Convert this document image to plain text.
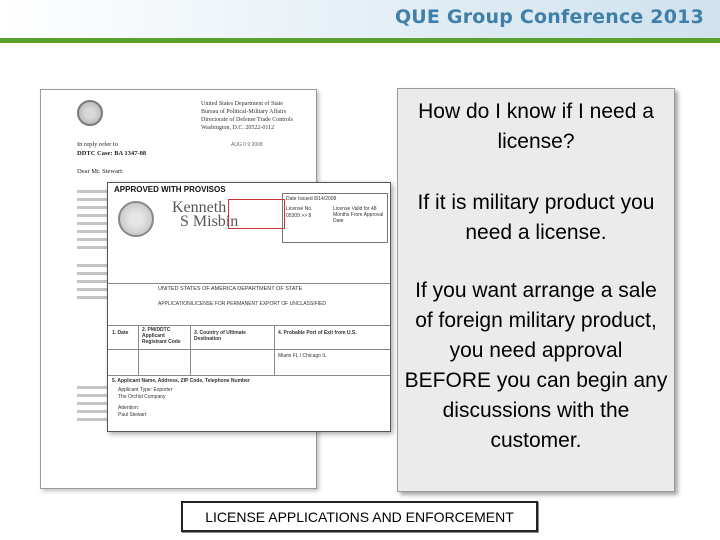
QUE Group Conference 2013
United States Department of State
Bureau of Political-Military Affairs
Directorate of Defense Trade Controls
Washington, D.C. 20522-0112
In reply refer to
DDTC Case: BA 1347-08
AUG 0 9 2008
Dear Mr. Stewart:
APPROVED WITH PROVISOS
Kenneth
S Misbin
Date Issued 8/14/2008
License No.
05309 >> 8
License Valid for 48 Months From Approval Date
UNITED STATES OF AMERICA DEPARTMENT OF STATE
APPLICATION/LICENSE FOR PERMANENT EXPORT OF UNCLASSIFIED
1. Date	2. PM/DDTC Applicant Registrant Code
3. Country of Ultimate Destination
4. Probable Port of Exit from U.S.
Miami FL / Chicago IL
5. Applicant Name, Address, ZIP Code, Telephone Number
Applicant Type: Exporter
The Orchid Company
Attention:
Paul Stewart

How do I know if I need a license?

If it is military product you need a license.

If you want arrange a sale of foreign military product, you need approval BEFORE you can begin any discussions with the customer.

LICENSE APPLICATIONS AND ENFORCEMENT
